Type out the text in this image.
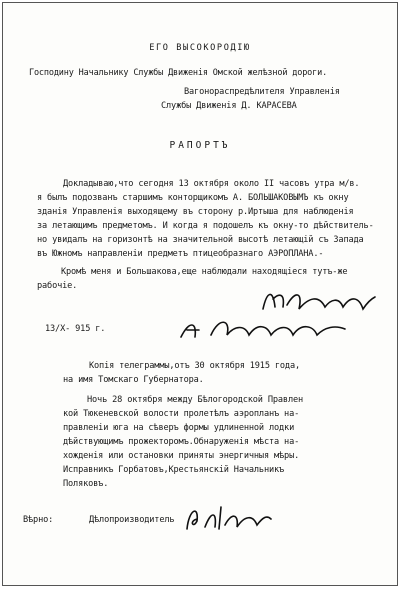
ЕГО ВЫСОКОРОДІЮ
Господину Начальнику Службы Движенія Омской желѣзной дороги.
Вагонораспредѣлителя Управленія
Службы Движенія Д. КАРАСЕВА
РАПОРТЪ
Докладываю,что сегодня 13 октября около II часовъ утра м/в.
я былъ подозванъ старшимъ конторщикомъ А. БОЛЬШАКОВЫМЪ къ окну
зданія Управленія выходящему въ сторону р.Иртыша для наблюденія
за летающимъ предметомъ. И когда я подошелъ къ окну-то дѣйствитель-
но увидалъ на горизонтѣ на значительной высотѣ летающій съ Запада
въ Южномъ направленіи предметъ птицеобразнаго АЭРОПЛАНА.-
Кромѣ меня и Большакова,еще наблюдали находящіеся тутъ-же
рабочіе.
13/X- 915 г.
Копія телеграммы,отъ 30 октября 1915 года,
на имя Томскаго Губернатора.
Ночь 28 октября между Бѣлогородской Правлен
кой Тюкеневской волости пролетѣлъ аэропланъ на-
правленіи юга на сѣверъ формы удлиненной лодки
дѣйствующимъ прожекторомъ.Обнаруженія мѣста на-
хожденія или остановки приняты энергичныя мѣры.
Исправникъ Горбатовъ,Крестьянскій Начальникъ
Поляковъ.
Вѣрно:	Дѣлопроизводитель
